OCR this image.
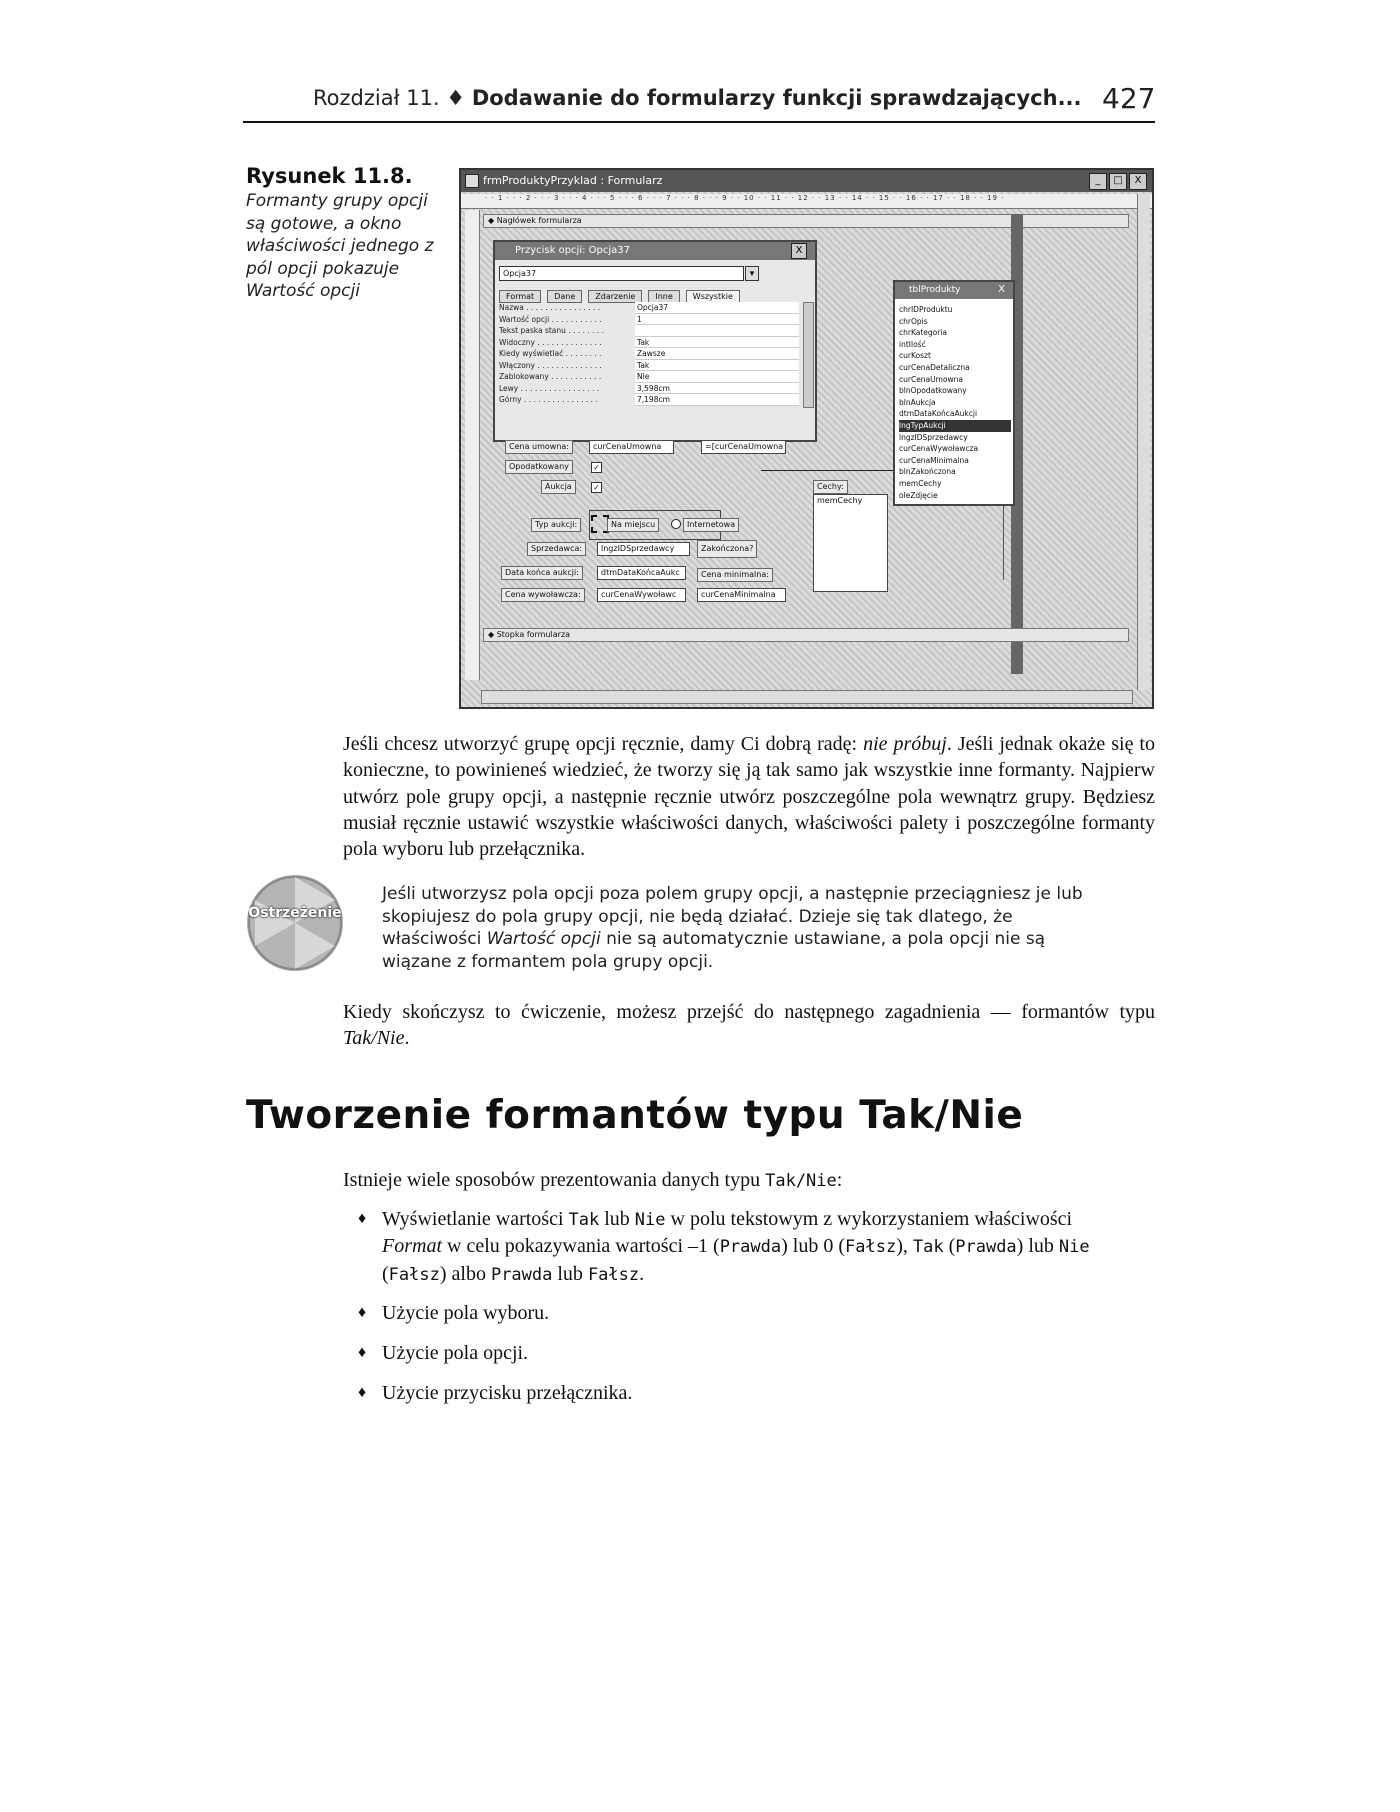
Rozdział 11. ♦ Dodawanie do formularzy funkcji sprawdzających... 427
Rysunek 11.8.
Formanty grupy opcji są gotowe, a okno właściwości jednego z pól opcji pokazuje Wartość opcji
frmProduktyPrzyklad : Formularz	_	□	X
· · 1 · · · 2 · · · 3 · · · 4 · · · 5 · · · 6 · · · 7 · · · 8 · · · 9 · · 10 · · 11 · · 12 · · 13 · · 14 · · 15 · · 16 · · 17 · · 18 · · 19 ·
◆ Nagłówek formularza
Przycisk opcji: Opcja37	X
Opcja37	▼
Format	Dane	Zdarzenie	Inne	Wszystkie
Nazwa . . . . . . . . . . . . . . . .	Opcja37
Wartość opcji . . . . . . . . . . .	1
Tekst paska stanu . . . . . . . .
Widoczny . . . . . . . . . . . . . .	Tak
Kiedy wyświetlać . . . . . . . .	Zawsze
Włączony . . . . . . . . . . . . . .	Tak
Zablokowany . . . . . . . . . . .	Nie
Lewy . . . . . . . . . . . . . . . . .	3,598cm
Górny . . . . . . . . . . . . . . . .	7,198cm
Cena umowna:	curCenaUmowna	=[curCenaUmowna
Opodatkowany	✓
Aukcja	✓
Typ aukcji:	Na miejscu	Internetowa
Sprzedawca:	lngzIDSprzedawcy	Zakończona?
Data końca aukcji:	dtmDataKońcaAukc	Cena minimalna:
Cena wywoławcza:	curCenaWywoławc	curCenaMinimalna
Cechy:
memCechy
tblProdukty	X
chrIDProduktu
chrOpis
chrKategoria
intIlość
curKoszt
curCenaDetaliczna
curCenaUmowna
blnOpodatkowany
blnAukcja
dtmDataKońcaAukcji
lngTypAukcji
lngzIDSprzedawcy
curCenaWywoławcza
curCenaMinimalna
blnZakończona
memCechy
oleZdjęcie
◆ Stopka formularza
Jeśli chcesz utworzyć grupę opcji ręcznie, damy Ci dobrą radę: nie próbuj. Jeśli jednak okaże się to konieczne, to powinieneś wiedzieć, że tworzy się ją tak samo jak wszystkie inne formanty. Najpierw utwórz pole grupy opcji, a następnie ręcznie utwórz poszczególne pola wewnątrz grupy. Będziesz musiał ręcznie ustawić wszystkie właściwości danych, właściwości palety i poszczególne formanty pola wyboru lub przełącznika.
Ostrzeżenie
Jeśli utworzysz pola opcji poza polem grupy opcji, a następnie przeciągniesz je lub skopiujesz do pola grupy opcji, nie będą działać. Dzieje się tak dlatego, że właściwości Wartość opcji nie są automatycznie ustawiane, a pola opcji nie są wiązane z formantem pola grupy opcji.
Kiedy skończysz to ćwiczenie, możesz przejść do następnego zagadnienia — formantów typu Tak/Nie.
Tworzenie formantów typu Tak/Nie
Istnieje wiele sposobów prezentowania danych typu Tak/Nie:
♦ Wyświetlanie wartości Tak lub Nie w polu tekstowym z wykorzystaniem właściwości Format w celu pokazywania wartości –1 (Prawda) lub 0 (Fałsz), Tak (Prawda) lub Nie (Fałsz) albo Prawda lub Fałsz.
♦ Użycie pola wyboru.
♦ Użycie pola opcji.
♦ Użycie przycisku przełącznika.
